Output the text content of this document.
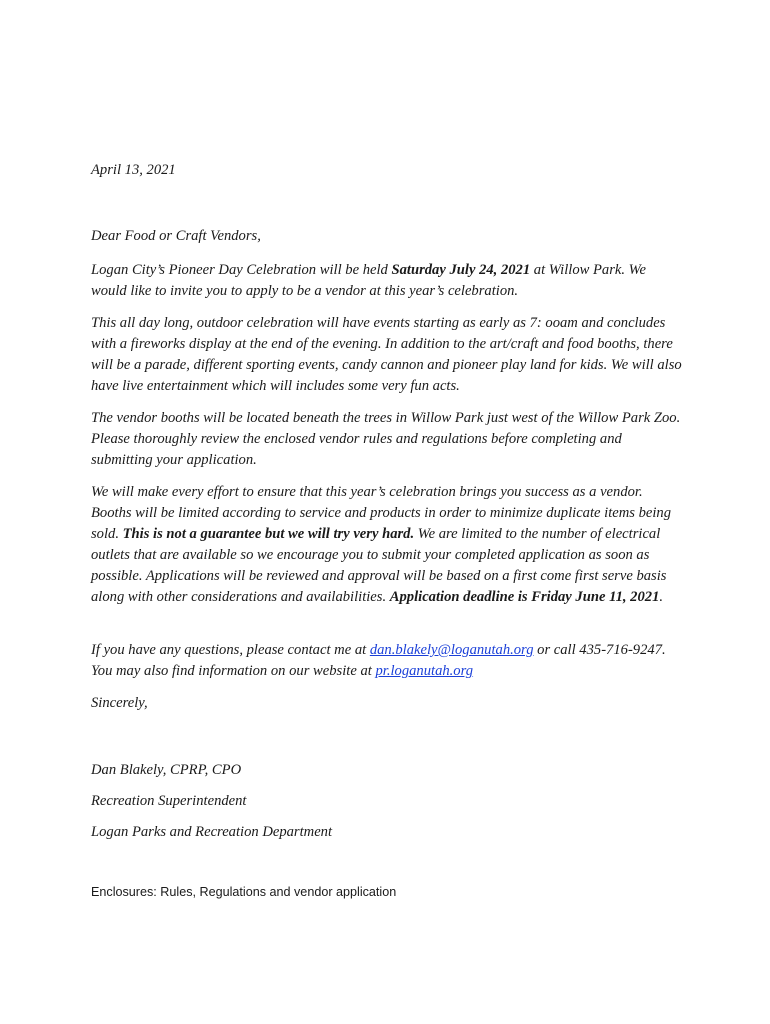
April 13, 2021
Dear Food or Craft Vendors,

Logan City’s Pioneer Day Celebration will be held Saturday July 24, 2021 at Willow Park. We would like to invite you to apply to be a vendor at this year’s celebration.

This all day long, outdoor celebration will have events starting as early as 7: ooam and concludes with a fireworks display at the end of the evening. In addition to the art/craft and food booths, there will be a parade, different sporting events, candy cannon and pioneer play land for kids. We will also have live entertainment which will includes some very fun acts.

The vendor booths will be located beneath the trees in Willow Park just west of the Willow Park Zoo. Please thoroughly review the enclosed vendor rules and regulations before completing and submitting your application.

We will make every effort to ensure that this year’s celebration brings you success as a vendor. Booths will be limited according to service and products in order to minimize duplicate items being sold. This is not a guarantee but we will try very hard. We are limited to the number of electrical outlets that are available so we encourage you to submit your completed application as soon as possible. Applications will be reviewed and approval will be based on a first come first serve basis along with other considerations and availabilities. Application deadline is Friday June 11, 2021.

If you have any questions, please contact me at dan.blakely@loganutah.org or call 435-716-9247. You may also find information on our website at pr.loganutah.org

Sincerely,
Dan Blakely, CPRP, CPO
Recreation Superintendent
Logan Parks and Recreation Department
Enclosures: Rules, Regulations and vendor application
